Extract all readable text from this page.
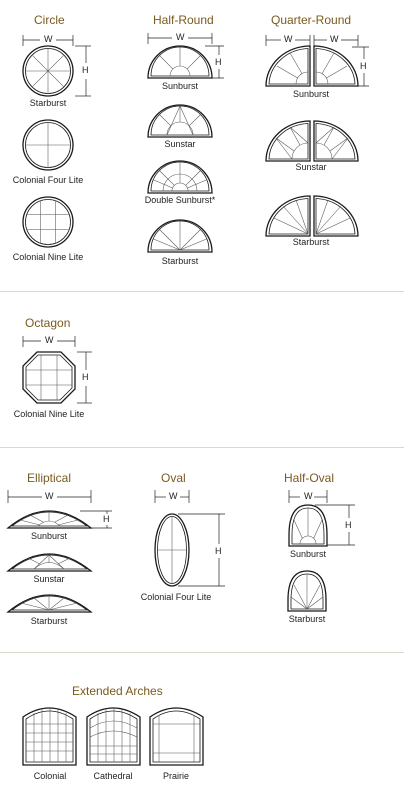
Circle
W
H
Starburst
Colonial Four Lite
Colonial Nine Lite
Half-Round
W
H
Sunburst
Sunstar
Double Sunburst*
Starburst
Quarter-Round
W	W
H
Sunburst
Sunstar
Starburst
Octagon
W
H
Colonial Nine Lite
Elliptical
W
H
Sunburst
Sunstar
Starburst
Oval
W
H
Colonial Four Lite
Half-Oval
W
H
Sunburst
Starburst
Extended Arches
Colonial	Cathedral	Prairie
